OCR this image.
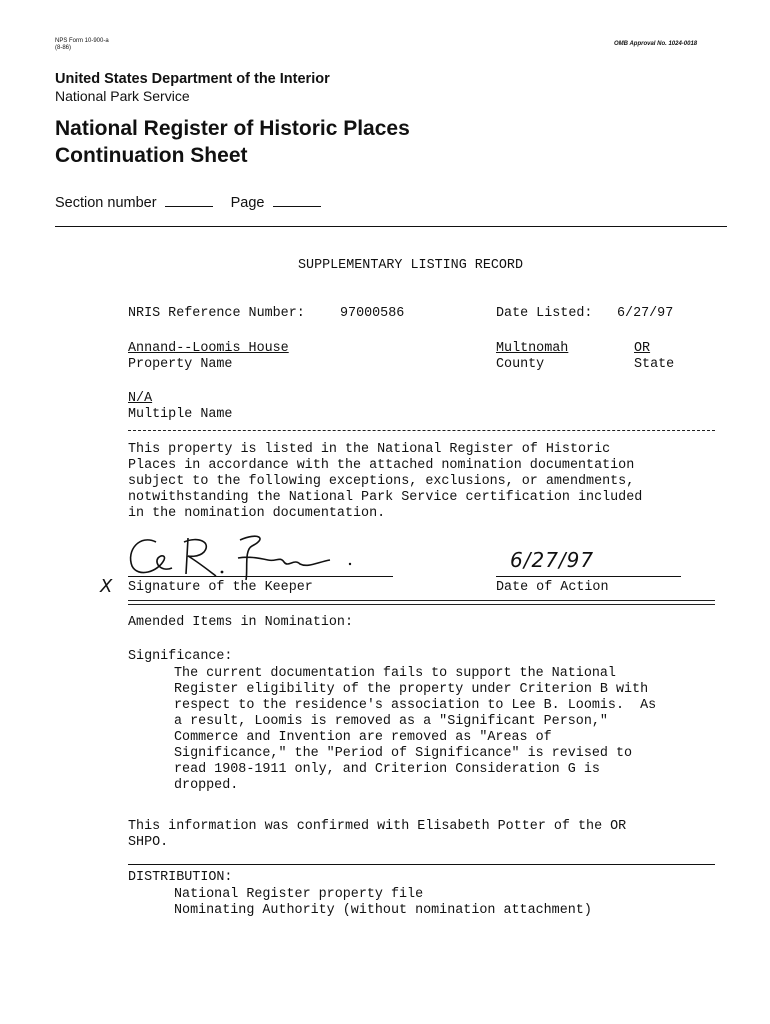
NPS Form 10-900-a
(8-86)
OMB Approval No. 1024-0018
United States Department of the Interior
National Park Service
National Register of Historic Places
Continuation Sheet
Section number	Page
SUPPLEMENTARY LISTING RECORD
NRIS Reference Number:	97000586	Date Listed: 6/27/97
Annand--Loomis House
Property Name
Multnomah
County
OR
State
N/A
Multiple Name
This property is listed in the National Register of Historic
Places in accordance with the attached nomination documentation
subject to the following exceptions, exclusions, or amendments,
notwithstanding the National Park Service certification included
in the nomination documentation.
6/27/97
X Signature of the Keeper	Date of Action
Amended Items in Nomination:
Significance:
The current documentation fails to support the National
Register eligibility of the property under Criterion B with
respect to the residence's association to Lee B. Loomis.  As
a result, Loomis is removed as a "Significant Person,"
Commerce and Invention are removed as "Areas of
Significance," the "Period of Significance" is revised to
read 1908-1911 only, and Criterion Consideration G is
dropped.
This information was confirmed with Elisabeth Potter of the OR
SHPO.
DISTRIBUTION:
National Register property file
Nominating Authority (without nomination attachment)
